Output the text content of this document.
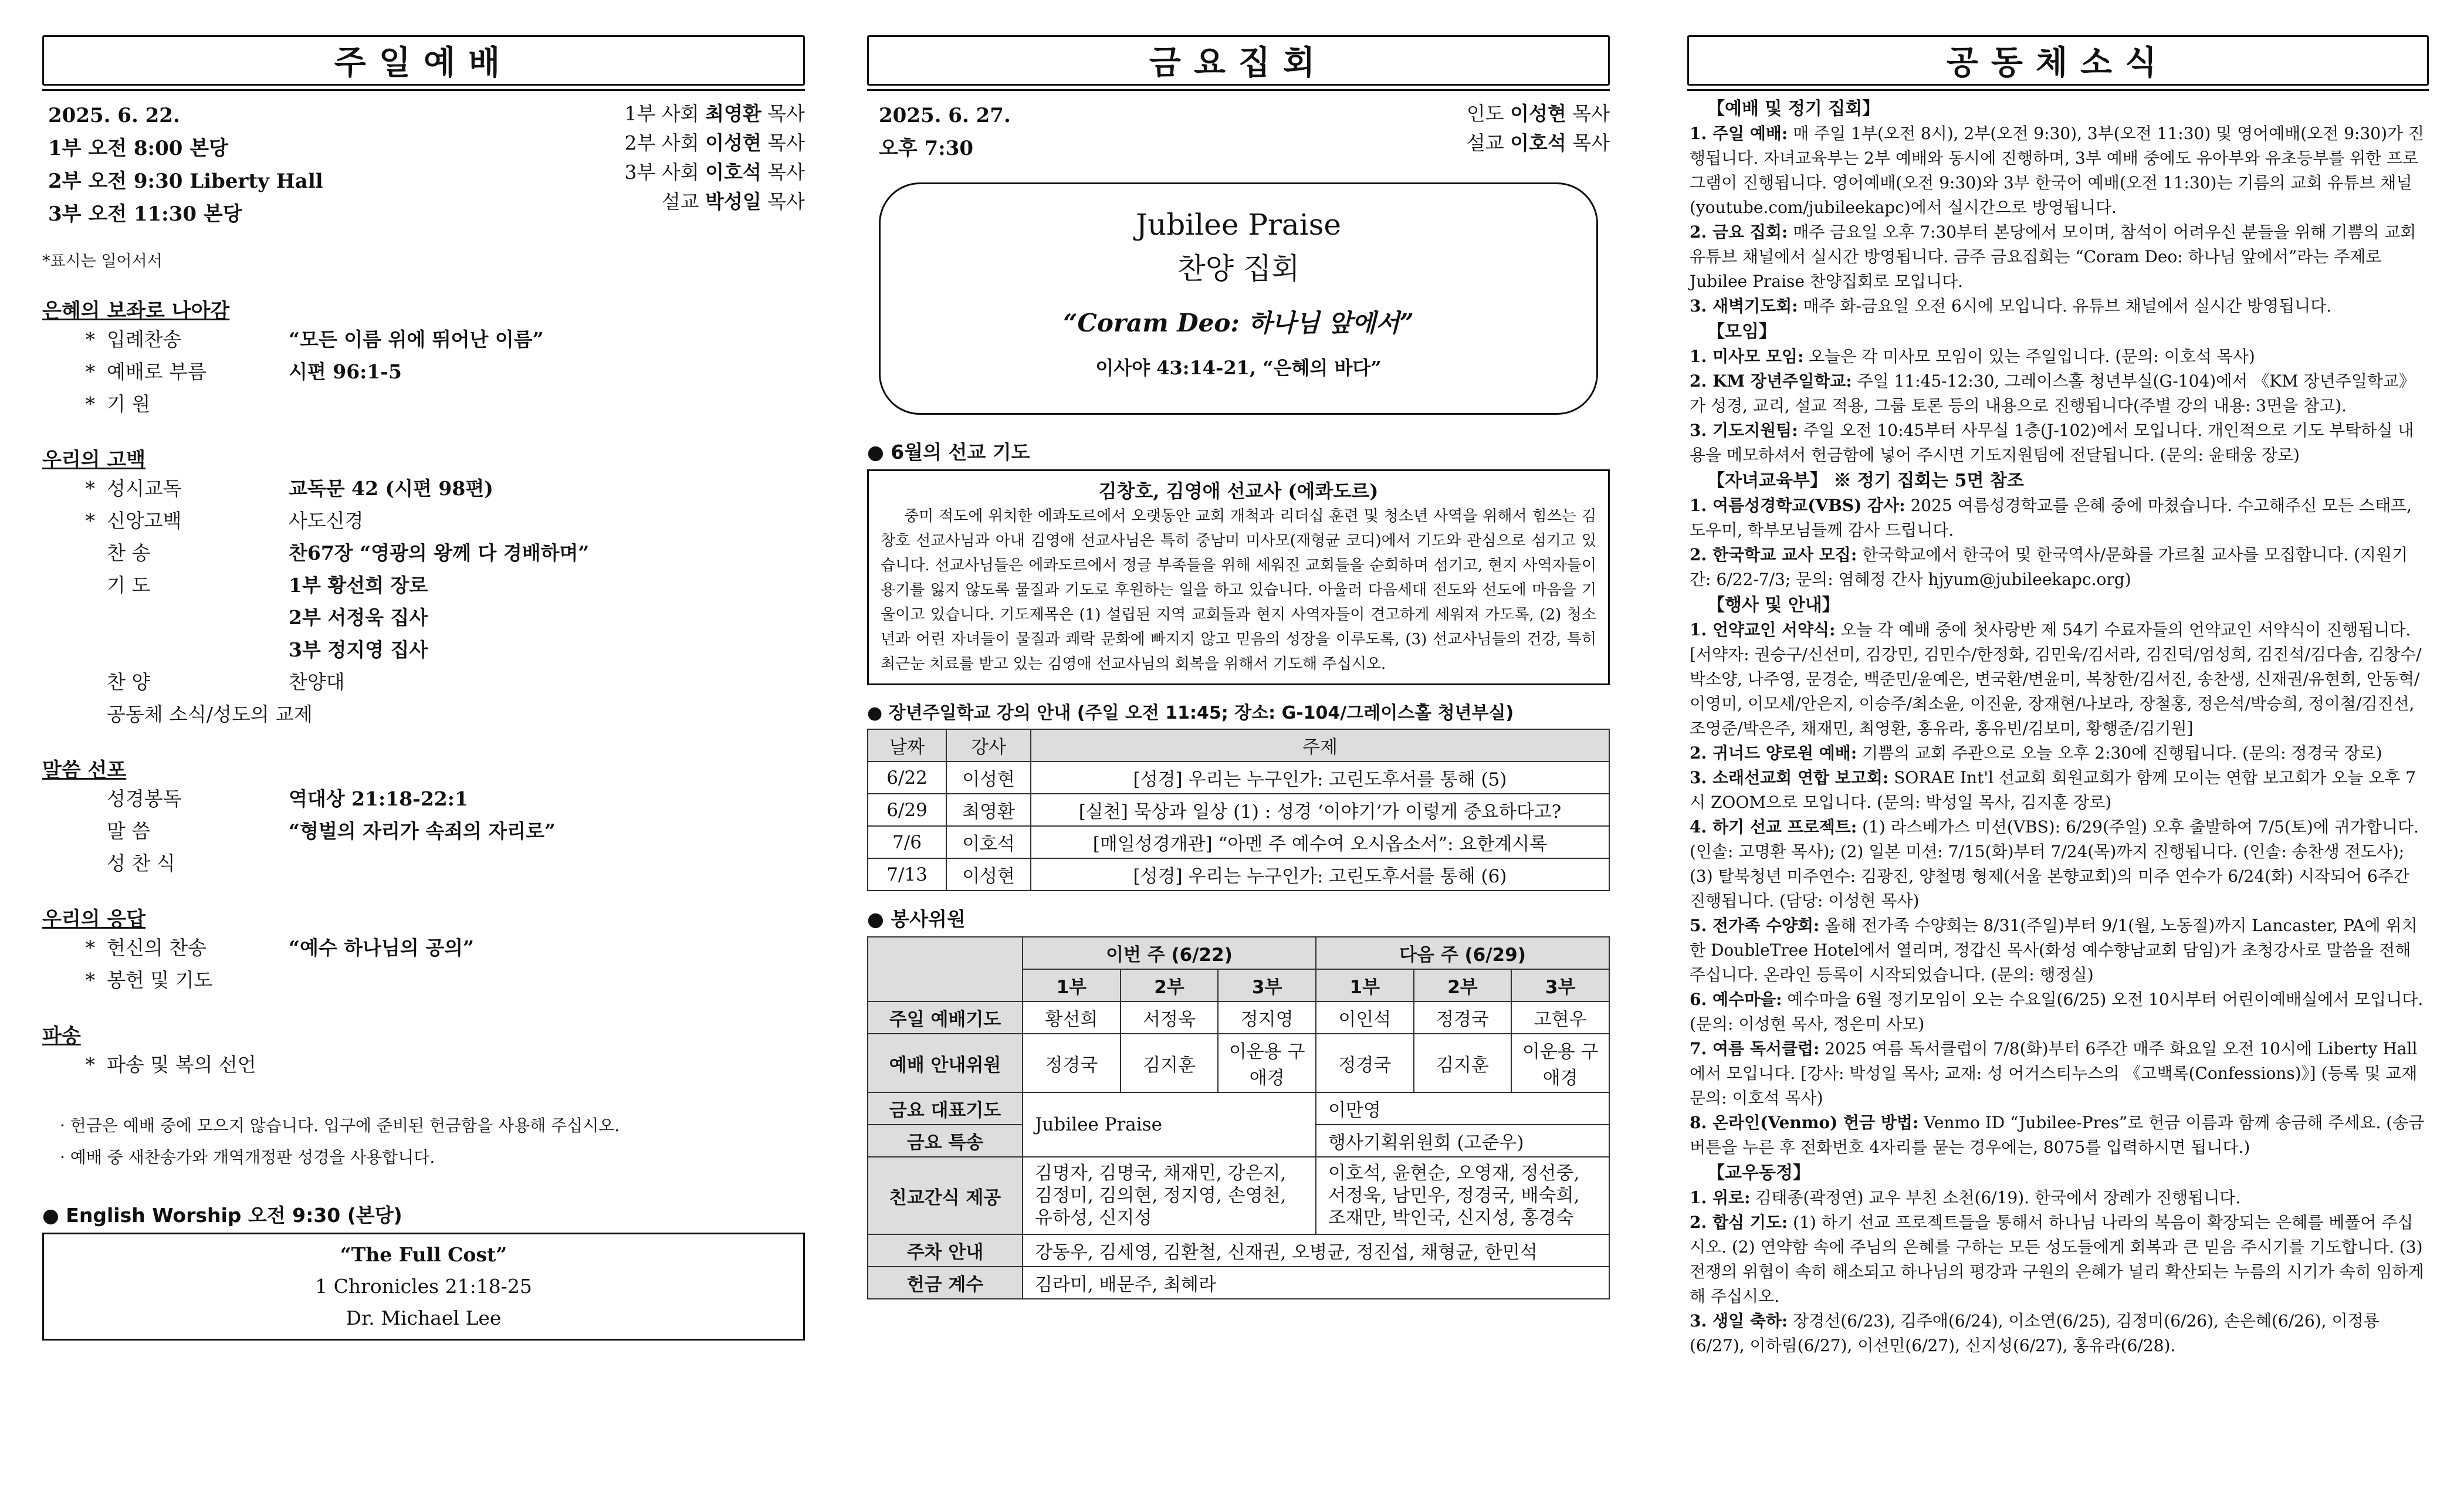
주일예배
2025. 6. 22.
1부 오전 8:00 본당
2부 오전 9:30 Liberty Hall
3부 오전 11:30 본당
1부 사회 최영환 목사
2부 사회 이성현 목사
3부 사회 이호석 목사
설교 박성일 목사
*표시는 일어서서
은혜의 보좌로 나아감
* 입례찬송	“모든 이름 위에 뛰어난 이름”
* 예배로 부름	시편 96:1-5
* 기 원
우리의 고백
* 성시교독	교독문 42 (시편 98편)
* 신앙고백	사도신경
찬 송	찬67장 “영광의 왕께 다 경배하며”
기 도	1부 황선희 장로
2부 서정욱 집사
3부 정지영 집사
찬 양	찬양대
공동체 소식/성도의 교제
말씀 선포
성경봉독	역대상 21:18-22:1
말 씀	“형벌의 자리가 속죄의 자리로”
성 찬 식
우리의 응답
* 헌신의 찬송	“예수 하나님의 공의”
* 봉헌 및 기도
파송
* 파송 및 복의 선언
· 헌금은 예배 중에 모으지 않습니다. 입구에 준비된 헌금함을 사용해 주십시오.
· 예배 중 새찬송가와 개역개정판 성경을 사용합니다.
● English Worship 오전 9:30 (본당)
“The Full Cost”
1 Chronicles 21:18-25
Dr. Michael Lee
금요집회
2025. 6. 27.
오후 7:30
인도 이성현 목사
설교 이호석 목사
Jubilee Praise
찬양 집회
“Coram Deo: 하나님 앞에서”
이사야 43:14-21, “은혜의 바다”
● 6월의 선교 기도
김창호, 김영애 선교사 (에콰도르)
중미 적도에 위치한 에콰도르에서 오랫동안 교회 개척과 리더십 훈련 및 청소년 사역을 위해서 힘쓰는 김창호 선교사님과 아내 김영애 선교사님은 특히 중남미 미사모(재형균 코디)에서 기도와 관심으로 섬기고 있습니다. 선교사님들은 에콰도르에서 정글 부족들을 위해 세워진 교회들을 순회하며 섬기고, 현지 사역자들이 용기를 잃지 않도록 물질과 기도로 후원하는 일을 하고 있습니다. 아울러 다음세대 전도와 선도에 마음을 기울이고 있습니다. 기도제목은 (1) 설립된 지역 교회들과 현지 사역자들이 견고하게 세워져 가도록, (2) 청소년과 어린 자녀들이 물질과 쾌락 문화에 빠지지 않고 믿음의 성장을 이루도록, (3) 선교사님들의 건강, 특히 최근눈 치료를 받고 있는 김영애 선교사님의 회복을 위해서 기도해 주십시오.
● 장년주일학교 강의 안내 (주일 오전 11:45; 장소: G-104/그레이스홀 청년부실)
날짜	강사	주제
6/22	이성현	[성경] 우리는 누구인가: 고린도후서를 통해 (5)
6/29	최영환	[실천] 묵상과 일상 (1) : 성경 ‘이야기’가 이렇게 중요하다고?
7/6	이호석	[매일성경개관] “아멘 주 예수여 오시옵소서”: 요한계시록
7/13	이성현	[성경] 우리는 누구인가: 고린도후서를 통해 (6)
● 봉사위원
	이번 주 (6/22)			다음 주 (6/29)		
	1부	2부	3부	1부	2부	3부
주일 예배기도	황선희	서정욱	정지영	이인석	정경국	고현우
예배 안내위원	정경국	김지훈	이운용 구애경	정경국	김지훈	이운용 구애경
금요 대표기도	Jubilee Praise			이만영		
금요 특송				행사기획위원회 (고준우)		
친교간식 제공	김명자, 김명국, 채재민, 강은지, 김정미, 김의현, 정지영, 손영천, 유하성, 신지성			이호석, 윤현순, 오영재, 정선중, 서정욱, 남민우, 정경국, 배숙희, 조재만, 박인국, 신지성, 홍경숙		
주차 안내	강동우, 김세영, 김환철, 신재권, 오병균, 정진섭, 채형균, 한민석					
헌금 계수	김라미, 배문주, 최혜라					
공동체소식

【예배 및 정기 집회】

1. 주일 예배: 매 주일 1부(오전 8시), 2부(오전 9:30), 3부(오전 11:30) 및 영어예배(오전 9:30)가 진행됩니다. 자녀교육부는 2부 예배와 동시에 진행하며, 3부 예배 중에도 유아부와 유초등부를 위한 프로그램이 진행됩니다. 영어예배(오전 9:30)와 3부 한국어 예배(오전 11:30)는 기름의 교회 유튜브 채널(youtube.com/jubileekapc)에서 실시간으로 방영됩니다.

2. 금요 집회: 매주 금요일 오후 7:30부터 본당에서 모이며, 참석이 어려우신 분들을 위해 기쁨의 교회 유튜브 채널에서 실시간 방영됩니다. 금주 금요집회는 “Coram Deo: 하나님 앞에서”라는 주제로 Jubilee Praise 찬양집회로 모입니다.

3. 새벽기도회: 매주 화-금요일 오전 6시에 모입니다. 유튜브 채널에서 실시간 방영됩니다.

【모임】

1. 미사모 모임: 오늘은 각 미사모 모임이 있는 주일입니다. (문의: 이호석 목사)

2. KM 장년주일학교: 주일 11:45-12:30, 그레이스홀 청년부실(G-104)에서 《KM 장년주일학교》가 성경, 교리, 설교 적용, 그룹 토론 등의 내용으로 진행됩니다(주별 강의 내용: 3면을 참고).

3. 기도지원팀: 주일 오전 10:45부터 사무실 1층(J-102)에서 모입니다. 개인적으로 기도 부탁하실 내용을 메모하셔서 헌금함에 넣어 주시면 기도지원팀에 전달됩니다. (문의: 윤태웅 장로)

【자녀교육부】 ※ 정기 집회는 5면 참조

1. 여름성경학교(VBS) 감사: 2025 여름성경학교를 은혜 중에 마쳤습니다. 수고해주신 모든 스태프, 도우미, 학부모님들께 감사 드립니다.

2. 한국학교 교사 모집: 한국학교에서 한국어 및 한국역사/문화를 가르칠 교사를 모집합니다. (지원기간: 6/22-7/3; 문의: 염혜정 간사 hjyum@jubileekapc.org)

【행사 및 안내】

1. 언약교인 서약식: 오늘 각 예배 중에 첫사랑반 제 54기 수료자들의 언약교인 서약식이 진행됩니다. [서약자: 권승구/신선미, 김강민, 김민수/한정화, 김민욱/김서라, 김진덕/엄성희, 김진석/김다솜, 김창수/박소양, 나주영, 문경순, 백준민/윤예은, 변국환/변윤미, 복창한/김서진, 송찬생, 신재권/유현희, 안동혁/이영미, 이모세/안은지, 이승주/최소윤, 이진윤, 장재현/나보라, 장철홍, 정은석/박승희, 정이철/김진선, 조영준/박은주, 채재민, 최영환, 홍유라, 홍유빈/김보미, 황행준/김기원]

2. 귀너드 양로원 예배: 기쁨의 교회 주관으로 오늘 오후 2:30에 진행됩니다. (문의: 정경국 장로)

3. 소래선교회 연합 보고회: SORAE Int'l 선교회 회원교회가 함께 모이는 연합 보고회가 오늘 오후 7시 ZOOM으로 모입니다. (문의: 박성일 목사, 김지훈 장로)

4. 하기 선교 프로젝트: (1) 라스베가스 미션(VBS): 6/29(주일) 오후 출발하여 7/5(토)에 귀가합니다. (인솔: 고명환 목사); (2) 일본 미션: 7/15(화)부터 7/24(목)까지 진행됩니다. (인솔: 송찬생 전도사); (3) 탈북청년 미주연수: 김광진, 양철명 형제(서울 본향교회)의 미주 연수가 6/24(화) 시작되어 6주간 진행됩니다. (담당: 이성현 목사)

5. 전가족 수양회: 올해 전가족 수양회는 8/31(주일)부터 9/1(월, 노동절)까지 Lancaster, PA에 위치한 DoubleTree Hotel에서 열리며, 정갑신 목사(화성 예수향남교회 담임)가 초청강사로 말씀을 전해 주십니다. 온라인 등록이 시작되었습니다. (문의: 행정실)

6. 예수마을: 예수마을 6월 정기모임이 오는 수요일(6/25) 오전 10시부터 어린이예배실에서 모입니다. (문의: 이성현 목사, 정은미 사모)

7. 여름 독서클럽: 2025 여름 독서클럽이 7/8(화)부터 6주간 매주 화요일 오전 10시에 Liberty Hall에서 모입니다. [강사: 박성일 목사; 교재: 성 어거스티누스의 《고백록(Confessions)》] (등록 및 교재 문의: 이호석 목사)

8. 온라인(Venmo) 헌금 방법: Venmo ID “Jubilee-Pres”로 헌금 이름과 함께 송금해 주세요. (송금 버튼을 누른 후 전화번호 4자리를 묻는 경우에는, 8075를 입력하시면 됩니다.)

【교우동정】

1. 위로: 김태종(곽정연) 교우 부친 소천(6/19). 한국에서 장례가 진행됩니다.

2. 합심 기도: (1) 하기 선교 프로젝트들을 통해서 하나님 나라의 복음이 확장되는 은혜를 베풀어 주십시오. (2) 연약함 속에 주님의 은혜를 구하는 모든 성도들에게 회복과 큰 믿음 주시기를 기도합니다. (3) 전쟁의 위협이 속히 해소되고 하나님의 평강과 구원의 은혜가 널리 확산되는 누름의 시기가 속히 임하게 해 주십시오.

3. 생일 축하: 장경선(6/23), 김주애(6/24), 이소연(6/25), 김정미(6/26), 손은혜(6/26), 이정룡(6/27), 이하림(6/27), 이선민(6/27), 신지성(6/27), 홍유라(6/28).
